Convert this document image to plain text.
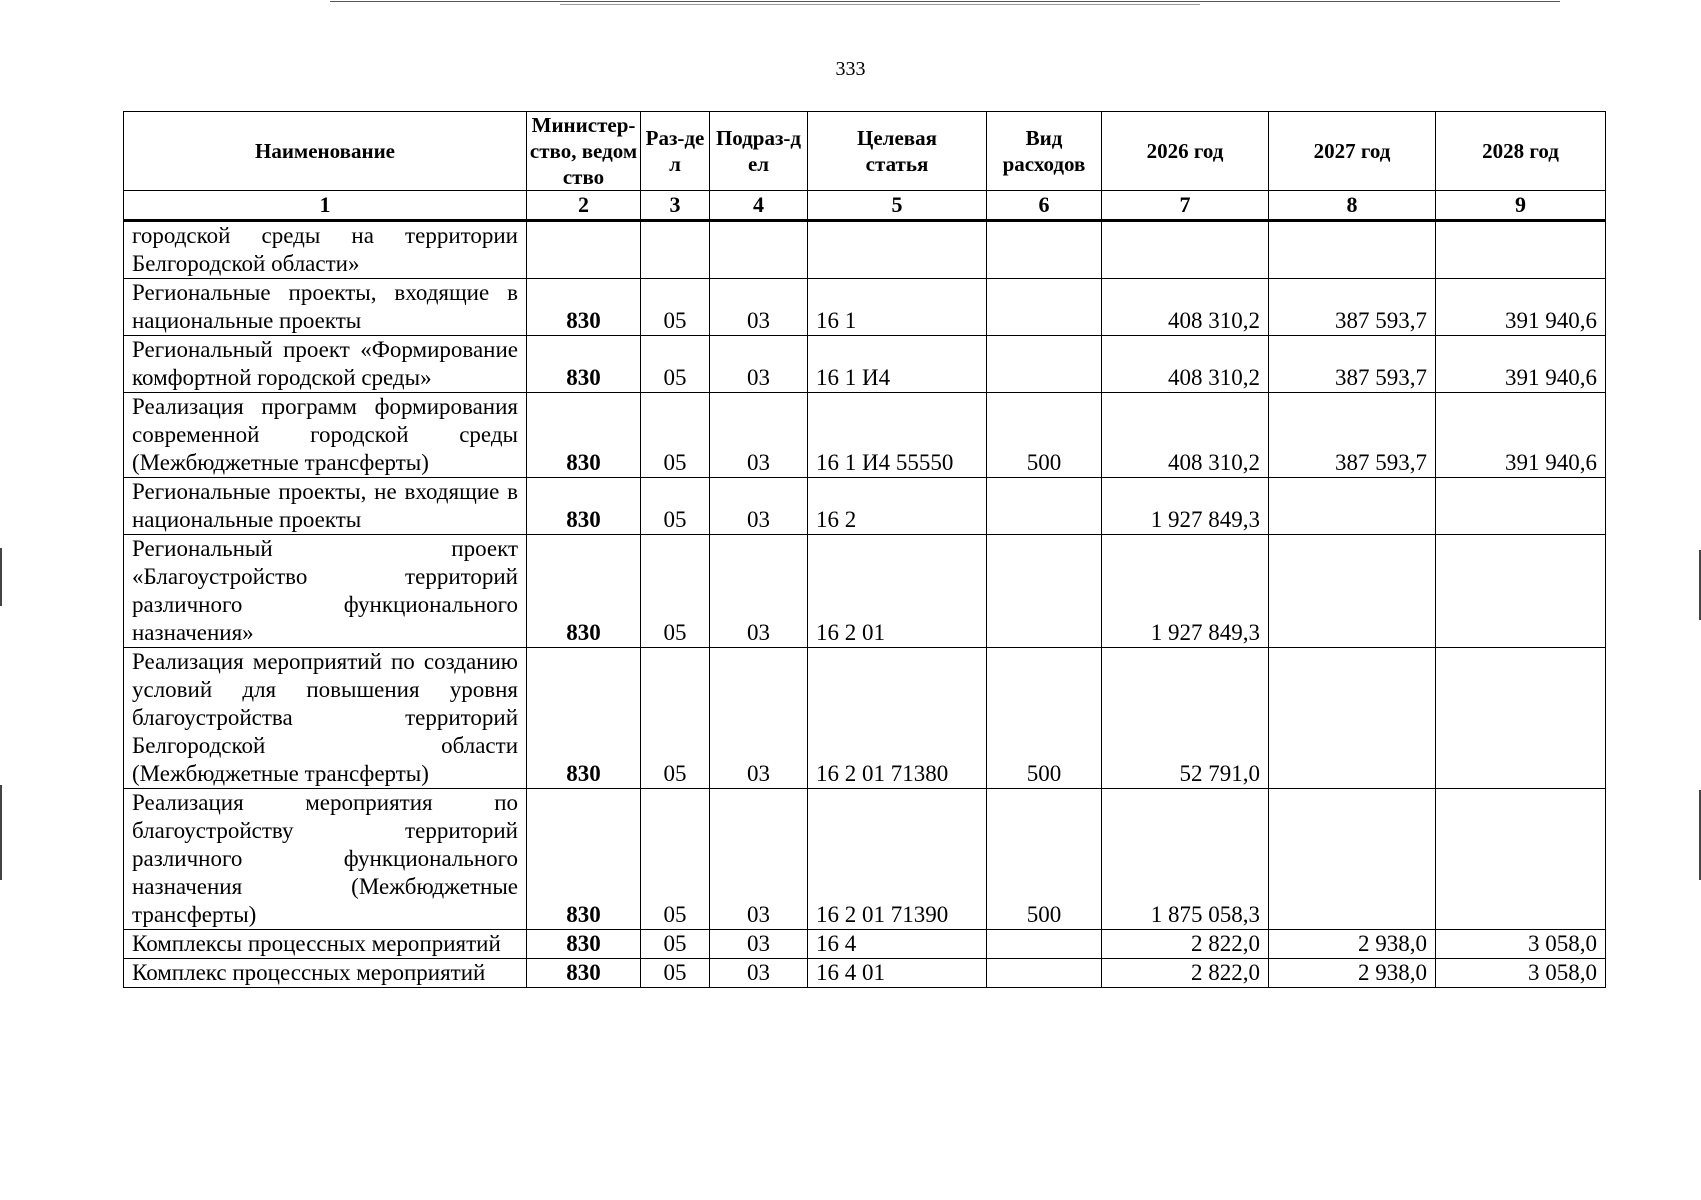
333
Наименование	Министер-ство, ведомство	Раз-дел	Подраз-дел	Целевая статья	Вид расходов	2026 год	2027 год	2028 год
1	2	3	4	5	6	7	8	9
городской среды на территории Белгородской области»								
Региональные проекты, входящие в национальные проекты	830	05	03	16 1		408 310,2	387 593,7	391 940,6
Региональный проект «Формирование комфортной городской среды»	830	05	03	16 1 И4		408 310,2	387 593,7	391 940,6
Реализация программ формирования современной городской среды (Межбюджетные трансферты)	830	05	03	16 1 И4 55550	500	408 310,2	387 593,7	391 940,6
Региональные проекты, не входящие в национальные проекты	830	05	03	16 2		1 927 849,3		
Региональный проект «Благоустройство территорий различного функционального назначения»	830	05	03	16 2 01		1 927 849,3		
Реализация мероприятий по созданию условий для повышения уровня благоустройства территорий Белгородской области (Межбюджетные трансферты)	830	05	03	16 2 01 71380	500	52 791,0		
Реализация мероприятия по благоустройству территорий различного функционального назначения (Межбюджетные трансферты)	830	05	03	16 2 01 71390	500	1 875 058,3		
Комплексы процессных мероприятий	830	05	03	16 4		2 822,0	2 938,0	3 058,0
Комплекс процессных мероприятий	830	05	03	16 4 01		2 822,0	2 938,0	3 058,0
